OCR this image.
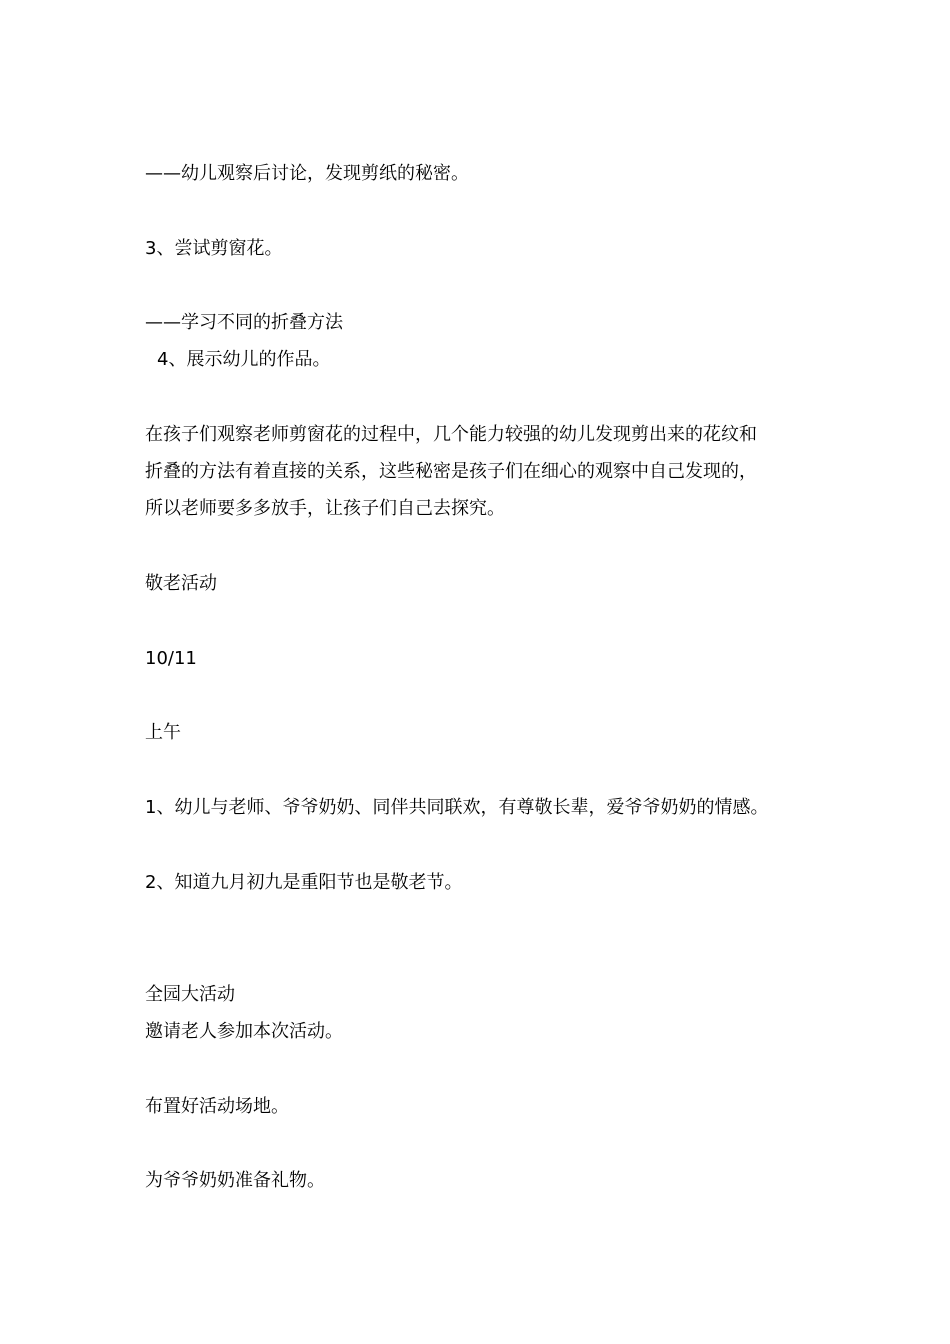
——幼儿观察后讨论，发现剪纸的秘密。

3、尝试剪窗花。

——学习不同的折叠方法

4、展示幼儿的作品。

在孩子们观察老师剪窗花的过程中，几个能力较强的幼儿发现剪出来的花纹和

折叠的方法有着直接的关系，这些秘密是孩子们在细心的观察中自己发现的，

所以老师要多多放手，让孩子们自己去探究。

敬老活动

10/11

上午

1、幼儿与老师、爷爷奶奶、同伴共同联欢，有尊敬长辈，爱爷爷奶奶的情感。

2、知道九月初九是重阳节也是敬老节。

全园大活动

邀请老人参加本次活动。

布置好活动场地。

为爷爷奶奶准备礼物。
